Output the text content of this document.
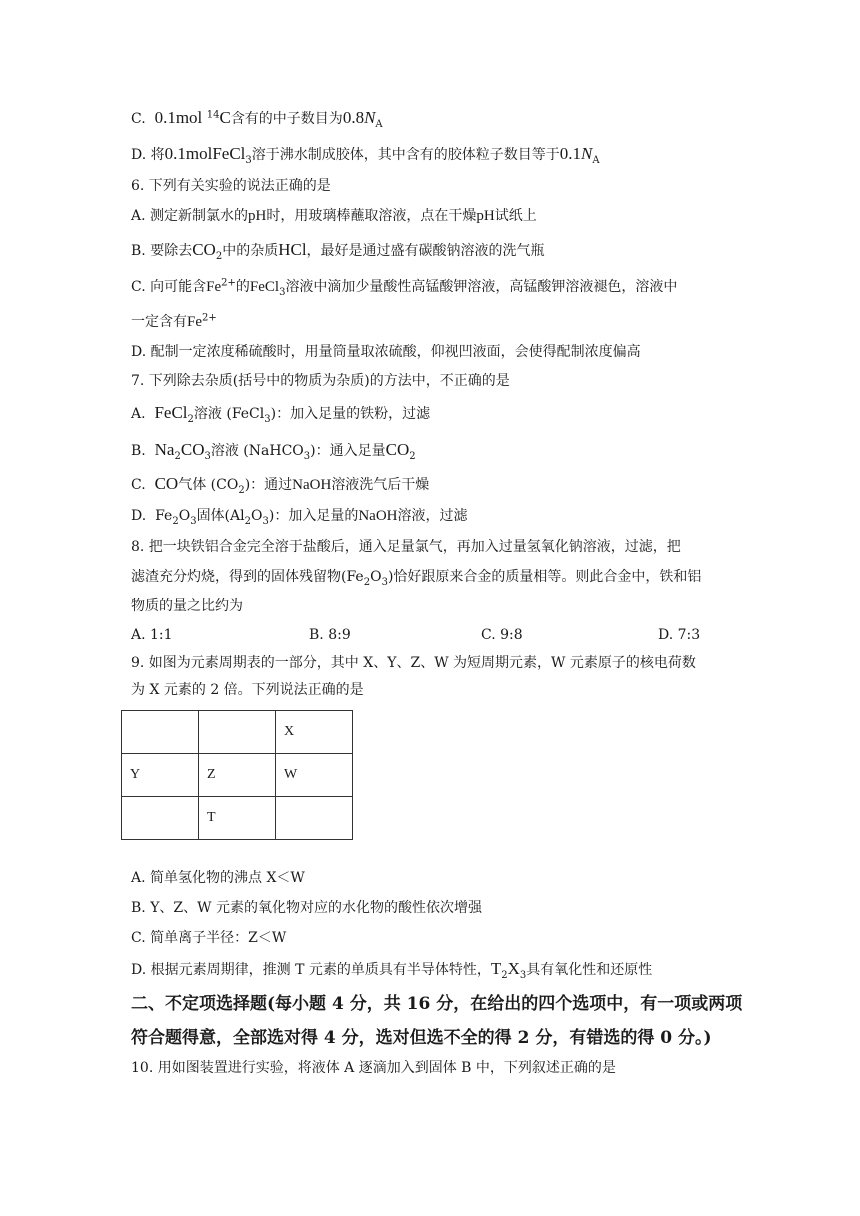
C. 0.1mol $^{14}$C含有的中子数目为$0.8N_A$
D. 将0.1molFeCl$_3$溶于沸水制成胶体，其中含有的胶体粒子数目等于$0.1N_A$
6. 下列有关实验的说法正确的是
A. 测定新制氯水的pH时，用玻璃棒蘸取溶液，点在干燥pH试纸上
B. 要除去$CO_2$中的杂质HCl，最好是通过盛有碳酸钠溶液的洗气瓶
C. 向可能含$Fe^{2+}$的FeCl$_3$溶液中滴加少量酸性高锰酸钾溶液，高锰酸钾溶液褪色，溶液中
一定含有$Fe^{2+}$
D. 配制一定浓度稀硫酸时，用量筒量取浓硫酸，仰视凹液面，会使得配制浓度偏高
7. 下列除去杂质(括号中的物质为杂质)的方法中，不正确的是
A. FeCl$_2$溶液 (FeCl$_3$)：加入足量的铁粉，过滤
B. $Na_2CO_3$溶液 (NaHCO$_3$)：通入足量$CO_2$
C. CO气体 $(CO_2)$：通过NaOH溶液洗气后干燥
D. $Fe_2O_3$固体$(Al_2O_3)$：加入足量的NaOH溶液，过滤
8. 把一块铁铝合金完全溶于盐酸后，通入足量氯气，再加入过量氢氧化钠溶液，过滤，把
滤渣充分灼烧，得到的固体残留物$(Fe_2O_3)$恰好跟原来合金的质量相等。则此合金中，铁和铝
物质的量之比约为
A. 1:1	B. 8:9	C. 9:8	D. 7:3
9. 如图为元素周期表的一部分，其中 X、Y、Z、W 为短周期元素，W 元素原子的核电荷数
为 X 元素的 2 倍。下列说法正确的是
		X
Y	Z	W
	T	
A. 简单氢化物的沸点 X＜W
B. Y、Z、W 元素的氧化物对应的水化物的酸性依次增强
C. 简单离子半径：Z＜W
D. 根据元素周期律，推测 T 元素的单质具有半导体特性，$T_2X_3$具有氧化性和还原性
二、不定项选择题(每小题 4 分，共 16 分，在给出的四个选项中，有一项或两项
符合题得意，全部选对得 4 分，选对但选不全的得 2 分，有错选的得 0 分。)
10. 用如图装置进行实验，将液体 A 逐滴加入到固体 B 中，下列叙述正确的是
